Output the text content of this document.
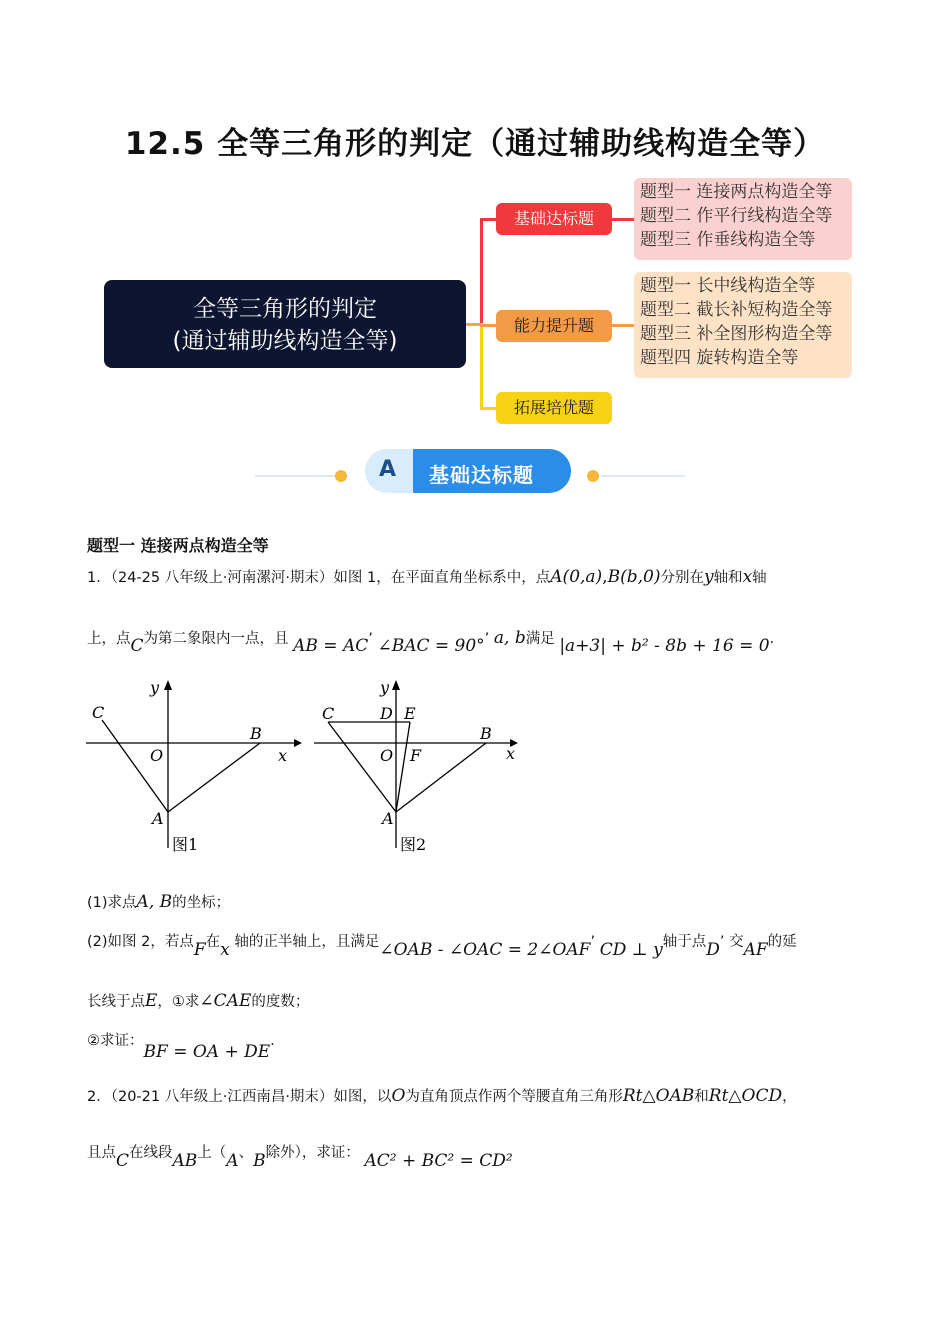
12.5 全等三角形的判定（通过辅助线构造全等）
全等三角形的判定
(通过辅助线构造全等)
基础达标题
能力提升题
拓展培优题
题型一 连接两点构造全等
题型二 作平行线构造全等
题型三 作垂线构造全等
题型一 长中线构造全等
题型二 截长补短构造全等
题型三 补全图形构造全等
题型四 旋转构造全等
A 基础达标题
题型一 连接两点构造全等
1．（24-25 八年级上·河南漯河·期末）如图 1，在平面直角坐标系中，点A(0,a),B(b,0)分别在y轴和x轴
上，点C为第二象限内一点，且 AB = AC’ ∠BAC = 90°’ a, b满足 |a+3| + b² - 8b + 16 = 0.
y
C
B
O	x
A
图1
y
C	D E
B
O F	x
A
图2
(1)求点A, B的坐标；
(2)如图 2，若点F在x 轴的正半轴上，且满足∠OAB - ∠OAC = 2∠OAF’ CD ⊥ y轴于点D’ 交AF的延
长线于点E，①求∠CAE的度数；
②求证：BF = OA + DE.
2．（20-21 八年级上·江西南昌·期末）如图，以O为直角顶点作两个等腰直角三角形Rt△OAB和Rt△OCD，
且点C在线段AB上（A、B除外），求证： AC² + BC² = CD²
